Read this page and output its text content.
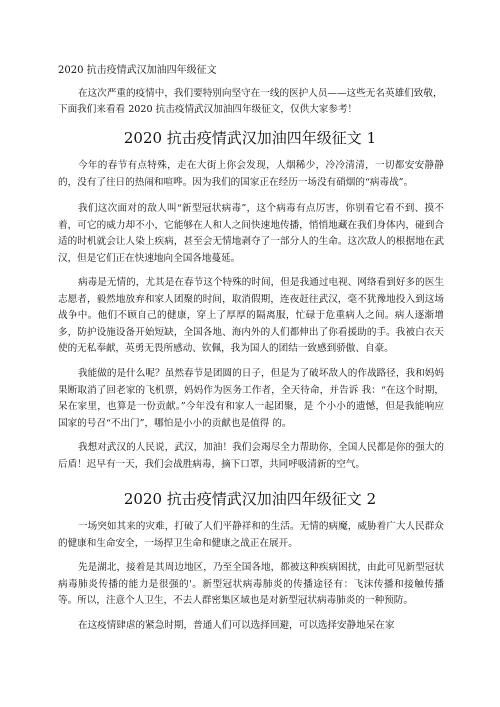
2020 抗击疫情武汉加油四年级征文

在这次严重的疫情中，我们要特别向坚守在一线的医护人员——这些无名英雄们致敬，下面我们来看看 2020 抗击疫情武汉加油四年级征文，仅供大家参考！

2020 抗击疫情武汉加油四年级征文 1

今年的春节有点特殊，走在大街上你会发现，人烟稀少，冷冷清清，一切都安安静静的，没有了往日的热闹和喧哗。因为我们的国家正在经历一场没有硝烟的“病毒战”。

我们这次面对的敌人叫“新型冠状病毒”，这个病毒有点厉害，你别看它看不到、摸不着，可它的威力却不小，它能够在人和人之间快速地传播，悄悄地藏在我们身体内，碰到合适的时机就会让人染上疾病，甚至会无情地剥夺了一部分人的生命。这次敌人的根据地在武汉，但是它们正在快速地向全国各地蔓延。

病毒是无情的，尤其是在春节这个特殊的时间，但是我通过电视、网络看到好多的医生志愿者，毅然地放弃和家人团聚的时间，取消假期，连夜赶往武汉，毫不犹豫地投入到这场战争中。他们不顾自己的健康，穿上了厚厚的隔离服，忙碌于危重病人之间。病人逐渐增多，防护设施设备开始短缺，全国各地、海内外的人们都伸出了你看援助的手。我被白衣天使的无私奉献，英勇无畏所感动、钦佩，我为国人的团结一致感到骄傲、自豪。

我能做的是什么呢？虽然春节是团圆的日子，但是为了破坏敌人的作战路径，我和妈妈果断取消了回老家的飞机票，妈妈作为医务工作者，全天待命，并告诉 我：“在这个时期，呆在家里，也算是一份贡献。”今年没有和家人一起团聚，是 个小小的遗憾，但是我能响应国家的号召“不出门”，哪怕是小小的贡献也是值得 的。

我想对武汉的人民说，武汉，加油！我们会竭尽全力帮助你，全国人民都是你的强大的后盾！迟早有一天，我们会战胜病毒，摘下口罩，共同呼吸清新的空气。

2020 抗击疫情武汉加油四年级征文 2

一场突如其来的灾难，打破了人们平静祥和的生活。无情的病魔，威胁着广大人民群众的健康和生命安全，一场捍卫生命和健康之战正在展开。

先是湖北，接着是其周边地区，乃至全国各地，都被这种疾病困扰，由此可见新型冠状病毒肺炎传播的能力是很强的'。新型冠状病毒肺炎的传播途径有：飞沫传播和接触传播等。所以，注意个人卫生，不去人群密集区域也是对新型冠状病毒肺炎的一种预防。

在这疫情肆虐的紧急时期，普通人们可以选择回避，可以选择安静地呆在家
